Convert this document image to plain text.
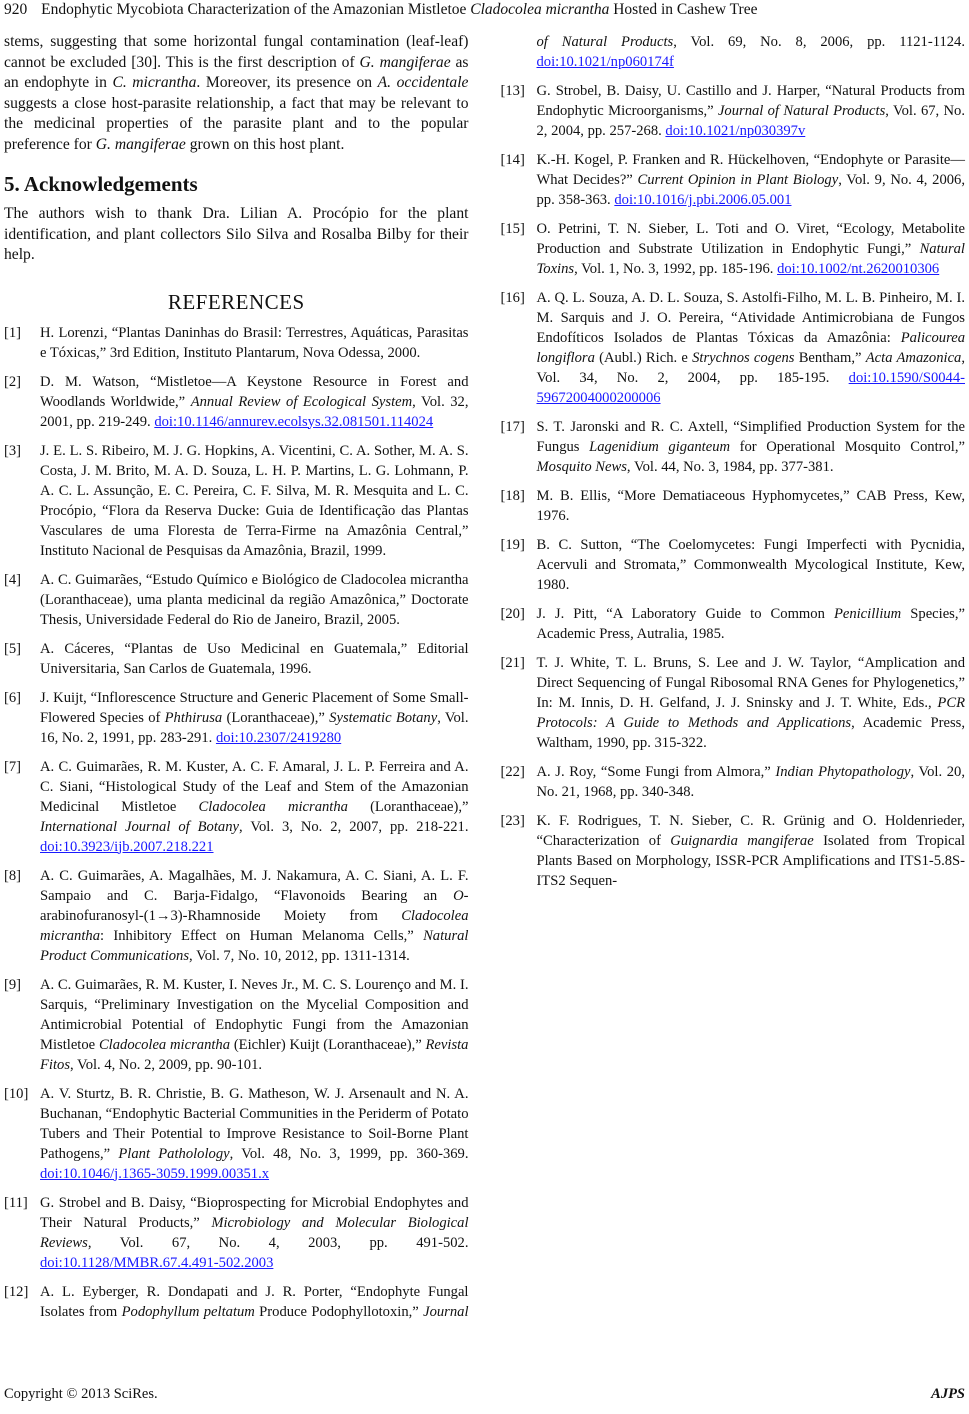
920 Endophytic Mycobiota Characterization of the Amazonian Mistletoe Cladocolea micrantha Hosted in Cashew Tree

stems, suggesting that some horizontal fungal contamination (leaf-leaf) cannot be excluded [30]. This is the first description of G. mangiferae as an endophyte in C. micrantha. Moreover, its presence on A. occidentale suggests a close host-parasite relationship, a fact that may be relevant to the medicinal properties of the parasite plant and to the popular preference for G. mangiferae grown on this host plant.

5. Acknowledgements

The authors wish to thank Dra. Lilian A. Procópio for the plant identification, and plant collectors Silo Silva and Rosalba Bilby for their help.

REFERENCES
[1]	H. Lorenzi, “Plantas Daninhas do Brasil: Terrestres, Aquáticas, Parasitas e Tóxicas,” 3rd Edition, Instituto Plantarum, Nova Odessa, 2000.
[2]	D. M. Watson, “Mistletoe—A Keystone Resource in Forest and Woodlands Worldwide,” Annual Review of Ecological System, Vol. 32, 2001, pp. 219-249. doi:10.1146/annurev.ecolsys.32.081501.114024
[3]	J. E. L. S. Ribeiro, M. J. G. Hopkins, A. Vicentini, C. A. Sother, M. A. S. Costa, J. M. Brito, M. A. D. Souza, L. H. P. Martins, L. G. Lohmann, P. A. C. L. Assunção, E. C. Pereira, C. F. Silva, M. R. Mesquita and L. C. Procópio, “Flora da Reserva Ducke: Guia de Identificação das Plantas Vasculares de uma Floresta de Terra-Firme na Amazônia Central,” Instituto Nacional de Pesquisas da Amazônia, Brazil, 1999.
[4]	A. C. Guimarães, “Estudo Químico e Biológico de Cladocolea micrantha (Loranthaceae), uma planta medicinal da região Amazônica,” Doctorate Thesis, Universidade Federal do Rio de Janeiro, Brazil, 2005.
[5]	A. Cáceres, “Plantas de Uso Medicinal en Guatemala,” Editorial Universitaria, San Carlos de Guatemala, 1996.
[6]	J. Kuijt, “Inflorescence Structure and Generic Placement of Some Small-Flowered Species of Phthirusa (Loranthaceae),” Systematic Botany, Vol. 16, No. 2, 1991, pp. 283-291. doi:10.2307/2419280
[7]	A. C. Guimarães, R. M. Kuster, A. C. F. Amaral, J. L. P. Ferreira and A. C. Siani, “Histological Study of the Leaf and Stem of the Amazonian Medicinal Mistletoe Cladocolea micrantha (Loranthaceae),” International Journal of Botany, Vol. 3, No. 2, 2007, pp. 218-221. doi:10.3923/ijb.2007.218.221
[8]	A. C. Guimarães, A. Magalhães, M. J. Nakamura, A. C. Siani, A. L. F. Sampaio and C. Barja-Fidalgo, “Flavonoids Bearing an O-arabinofuranosyl-(1→3)-Rhamnoside Moiety from Cladocolea micrantha: Inhibitory Effect on Human Melanoma Cells,” Natural Product Communications, Vol. 7, No. 10, 2012, pp. 1311-1314.
[9]	A. C. Guimarães, R. M. Kuster, I. Neves Jr., M. C. S. Lourenço and M. I. Sarquis, “Preliminary Investigation on the Mycelial Composition and Antimicrobial Potential of Endophytic Fungi from the Amazonian Mistletoe Cladocolea micrantha (Eichler) Kuijt (Loranthaceae),” Revista Fitos, Vol. 4, No. 2, 2009, pp. 90-101.
[10] A. V. Sturtz, B. R. Christie, B. G. Matheson, W. J. Arsenault and N. A. Buchanan, “Endophytic Bacterial Communities in the Periderm of Potato Tubers and Their Potential to Improve Resistance to Soil-Borne Plant Pathogens,” Plant Patholology, Vol. 48, No. 3, 1999, pp. 360-369. doi:10.1046/j.1365-3059.1999.00351.x
[11] G. Strobel and B. Daisy, “Bioprospecting for Microbial Endophytes and Their Natural Products,” Microbiology and Molecular Biological Reviews, Vol. 67, No. 4, 2003, pp. 491-502. doi:10.1128/MMBR.67.4.491-502.2003
[12] A. L. Eyberger, R. Dondapati and J. R. Porter, “Endophyte Fungal Isolates from Podophyllum peltatum Produce Podophyllotoxin,” Journal of Natural Products, Vol. 69, No. 8, 2006, pp. 1121-1124. doi:10.1021/np060174f
[13] G. Strobel, B. Daisy, U. Castillo and J. Harper, “Natural Products from Endophytic Microorganisms,” Journal of Natural Products, Vol. 67, No. 2, 2004, pp. 257-268. doi:10.1021/np030397v
[14] K.-H. Kogel, P. Franken and R. Hückelhoven, “Endophyte or Parasite—What Decides?” Current Opinion in Plant Biology, Vol. 9, No. 4, 2006, pp. 358-363. doi:10.1016/j.pbi.2006.05.001
[15] O. Petrini, T. N. Sieber, L. Toti and O. Viret, “Ecology, Metabolite Production and Substrate Utilization in Endophytic Fungi,” Natural Toxins, Vol. 1, No. 3, 1992, pp. 185-196. doi:10.1002/nt.2620010306
[16] A. Q. L. Souza, A. D. L. Souza, S. Astolfi-Filho, M. L. B. Pinheiro, M. I. M. Sarquis and J. O. Pereira, “Atividade Antimicrobiana de Fungos Endofíticos Isolados de Plantas Tóxicas da Amazônia: Palicourea longiflora (Aubl.) Rich. e Strychnos cogens Bentham,” Acta Amazonica, Vol. 34, No. 2, 2004, pp. 185-195. doi:10.1590/S0044-59672004000200006
[17] S. T. Jaronski and R. C. Axtell, “Simplified Production System for the Fungus Lagenidium giganteum for Operational Mosquito Control,” Mosquito News, Vol. 44, No. 3, 1984, pp. 377-381.
[18] M. B. Ellis, “More Dematiaceous Hyphomycetes,” CAB Press, Kew, 1976.
[19] B. C. Sutton, “The Coelomycetes: Fungi Imperfecti with Pycnidia, Acervuli and Stromata,” Commonwealth Mycological Institute, Kew, 1980.
[20] J. J. Pitt, “A Laboratory Guide to Common Penicillium Species,” Academic Press, Autralia, 1985.
[21] T. J. White, T. L. Bruns, S. Lee and J. W. Taylor, “Amplication and Direct Sequencing of Fungal Ribosomal RNA Genes for Phylogenetics,” In: M. Innis, D. H. Gelfand, J. J. Sninsky and J. T. White, Eds., PCR Protocols: A Guide to Methods and Applications, Academic Press, Waltham, 1990, pp. 315-322.
[22] A. J. Roy, “Some Fungi from Almora,” Indian Phytopathology, Vol. 20, No. 21, 1968, pp. 340-348.
[23] K. F. Rodrigues, T. N. Sieber, C. R. Grünig and O. Holdenrieder, “Characterization of Guignardia mangiferae Isolated from Tropical Plants Based on Morphology, ISSR-PCR Amplifications and ITS1-5.8S-ITS2 Sequen-
Copyright © 2013 SciRes.	AJPS
